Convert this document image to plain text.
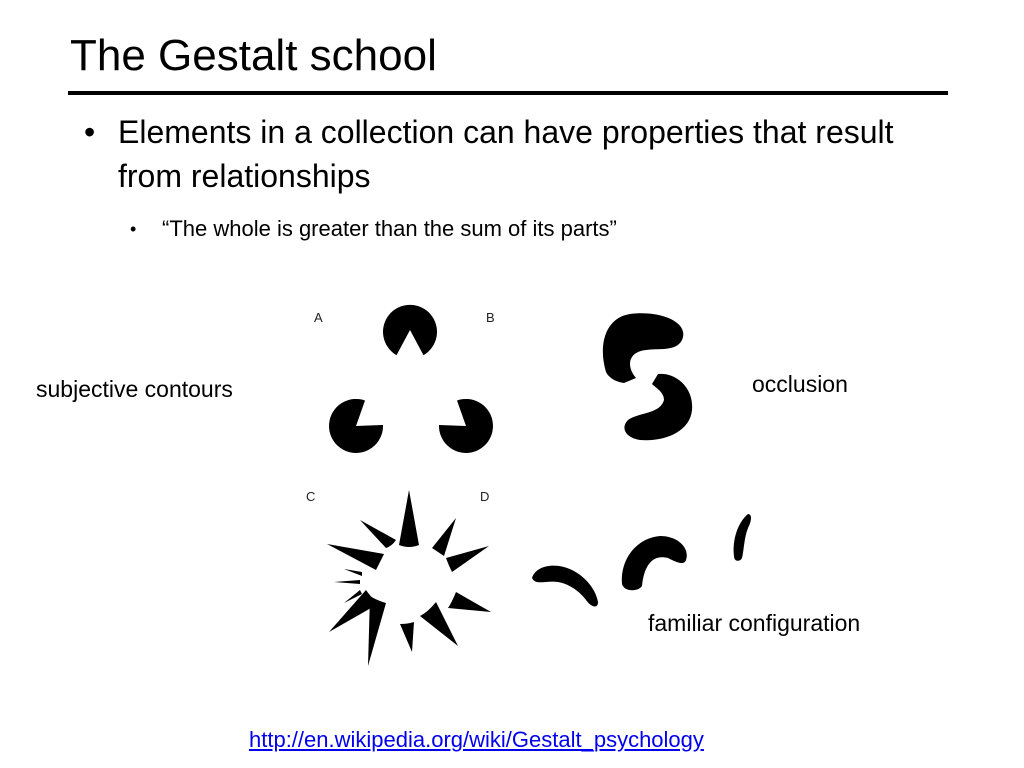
The Gestalt school
• Elements in a collection can have properties that result from relationships
• “The whole is greater than the sum of its parts”
subjective contours	occlusion
familiar configuration
A	B
C	D
http://en.wikipedia.org/wiki/Gestalt_psychology
